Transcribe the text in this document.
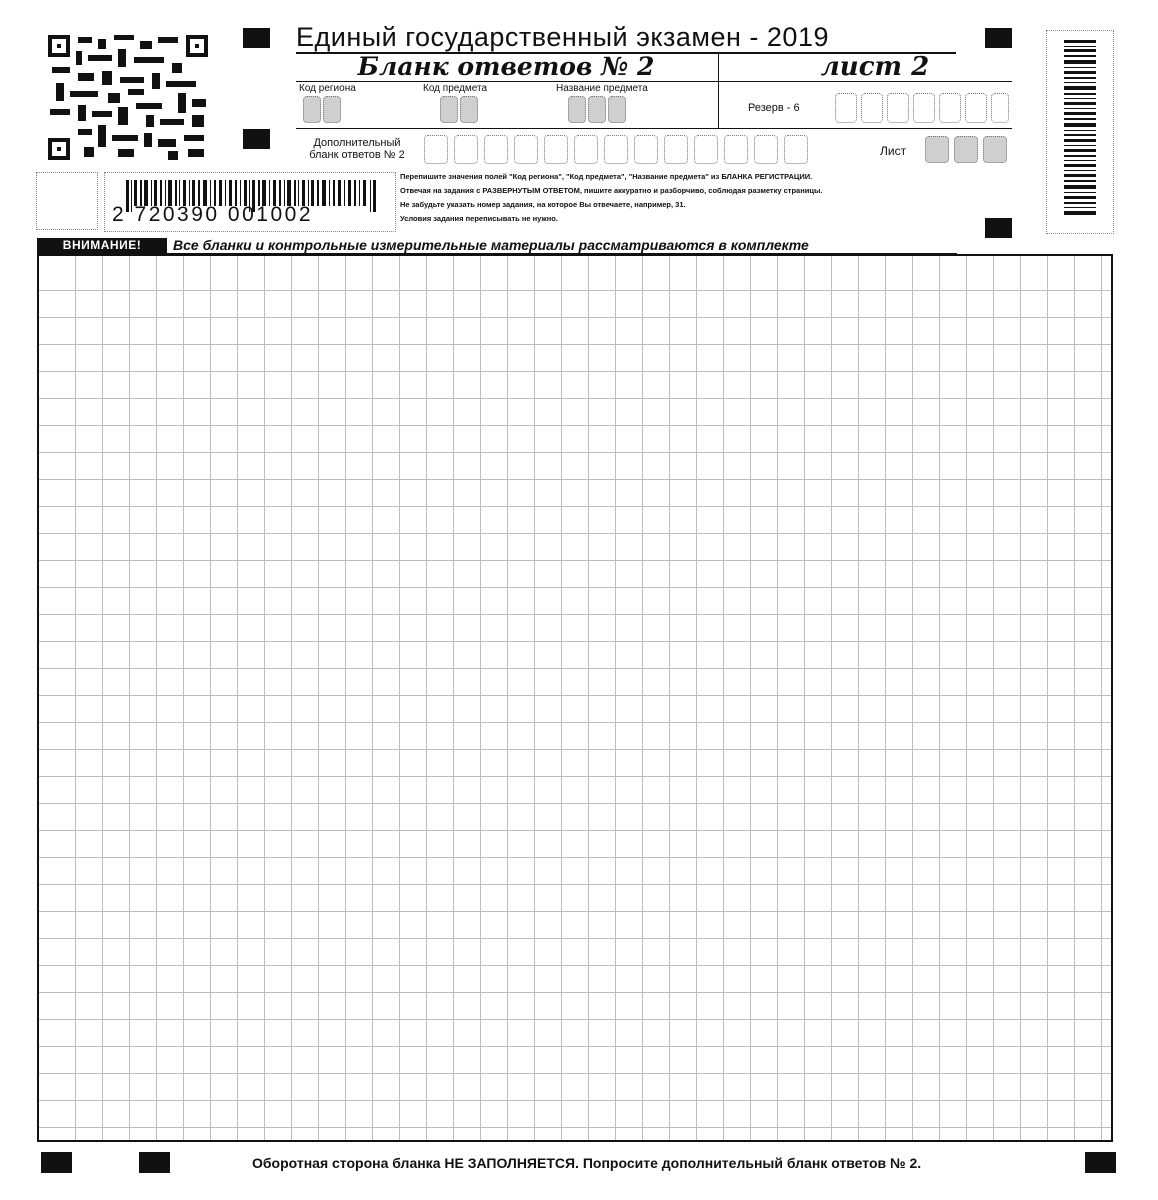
Единый государственный экзамен - 2019
Бланк ответов № 2	лист 2
Код региона	Код предмета	Название предмета
Резерв - 6
Дополнительный
бланк ответов № 2	Лист
2 720390 001002
Перепишите значения полей "Код региона", "Код предмета", "Название предмета" из БЛАНКА РЕГИСТРАЦИИ.
Отвечая на задания с РАЗВЕРНУТЫМ ОТВЕТОМ, пишите аккуратно и разборчиво, соблюдая разметку страницы.
Не забудьте указать номер задания, на которое Вы отвечаете, например, 31.
Условия задания переписывать не нужно.
ВНИМАНИЕ!	Все бланки и контрольные измерительные материалы рассматриваются в комплекте
Оборотная сторона бланка НЕ ЗАПОЛНЯЕТСЯ. Попросите дополнительный бланк ответов № 2.
